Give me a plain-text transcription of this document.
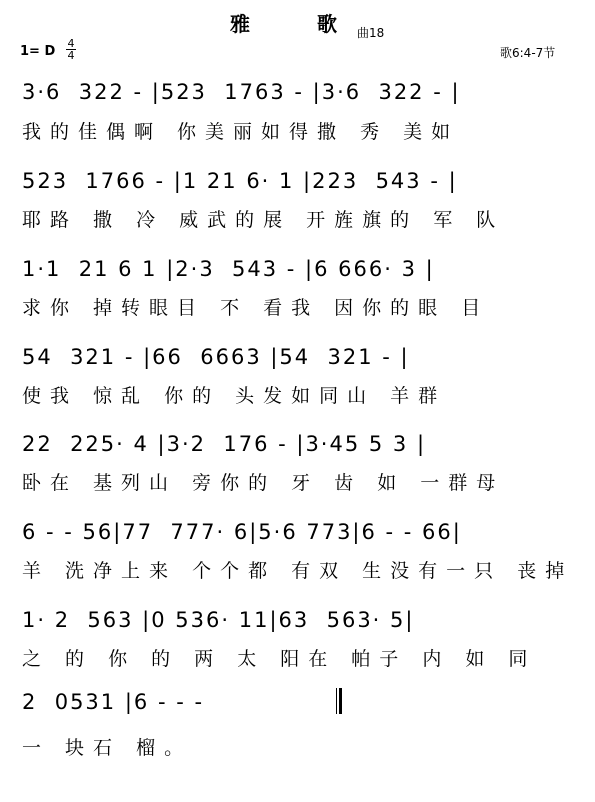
雅 歌
曲18
1= D
4
4	歌6:4-7节
3·6  322 - |523  1763 - |3·6  322 - |
我的佳偶啊 你美丽如得撒 秀 美如
523  1766 - |1 21 6· 1 |223  543 - |
耶路 撒 冷 威武的展 开旌旗的 军 队
1·1  21 6 1 |2·3  543 - |6 666· 3 |
求你 掉转眼目 不 看我 因你的眼 目
54  321 - |66  6663 |54  321 - |
使我 惊乱 你的 头发如同山 羊群
22  225· 4 |3·2  176 - |3·45 5 3 |
卧在 基列山 旁你的 牙 齿 如 一群母
6 - - 56|77  777· 6|5·6 773|6 - - 66|
羊 洗净上来 个个都 有双 生没有一只 丧掉
1· 2  563 |0 536· 11|63  563· 5|
之 的 你 的 两 太 阳在 帕子 内 如 同
2  0531 |6 - - -
一 块石 榴。
